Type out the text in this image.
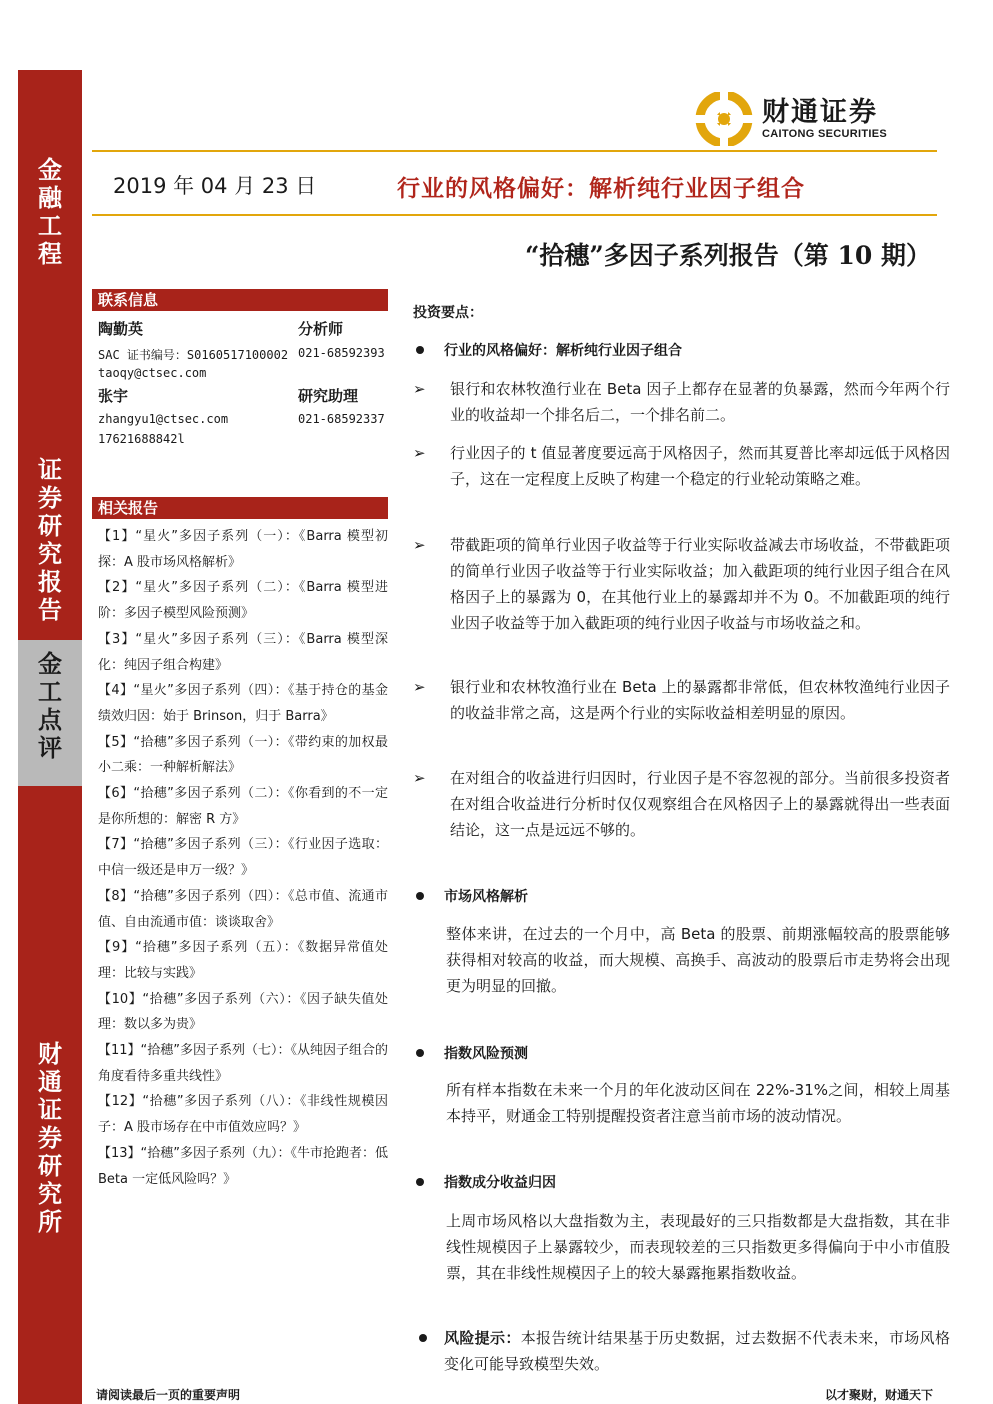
金
融
工
程
证
券
研
究
报
告
金
工
点
评
财
通
证
券
研
究
所
财通证券
CAITONG SECURITIES
2019 年 04 月 23 日	行业的风格偏好：解析纯行业因子组合
“拾穗”多因子系列报告（第 10 期）
联系信息
陶勤英	分析师
SAC 证书编号：S0160517100002 021-68592393
taoqy@ctsec.com
张宇	研究助理
zhangyu1@ctsec.com	021-68592337
17621688842l
相关报告
【1】“星火”多因子系列（一）：《Barra 模型初探：A 股市场风格解析》
【2】“星火”多因子系列（二）：《Barra 模型进阶：多因子模型风险预测》
【3】“星火”多因子系列（三）：《Barra 模型深化：纯因子组合构建》
【4】“星火”多因子系列（四）：《基于持仓的基金绩效归因：始于 Brinson，归于 Barra》
【5】“拾穗”多因子系列（一）：《带约束的加权最小二乘：一种解析解法》
【6】“拾穗”多因子系列（二）：《你看到的不一定是你所想的：解密 R 方》
【7】“拾穗”多因子系列（三）：《行业因子选取：中信一级还是申万一级？》
【8】“拾穗”多因子系列（四）：《总市值、流通市值、自由流通市值：谈谈取舍》
【9】“拾穗”多因子系列（五）：《数据异常值处理：比较与实践》
【10】“拾穗”多因子系列（六）：《因子缺失值处理：数以多为贵》
【11】“拾穗”多因子系列（七）：《从纯因子组合的角度看待多重共线性》
【12】“拾穗”多因子系列（八）：《非线性规模因子：A 股市场存在中市值效应吗？》
【13】“拾穗”多因子系列（九）：《牛市抢跑者：低 Beta 一定低风险吗？》
投资要点：
行业的风格偏好：解析纯行业因子组合
➢ 银行和农林牧渔行业在 Beta 因子上都存在显著的负暴露，然而今年两个行业的收益却一个排名后二，一个排名前二。
➢ 行业因子的 t 值显著度要远高于风格因子，然而其夏普比率却远低于风格因子，这在一定程度上反映了构建一个稳定的行业轮动策略之难。
➢ 带截距项的简单行业因子收益等于行业实际收益减去市场收益，不带截距项的简单行业因子收益等于行业实际收益；加入截距项的纯行业因子组合在风格因子上的暴露为 0，在其他行业上的暴露却并不为 0。不加截距项的纯行业因子收益等于加入截距项的纯行业因子收益与市场收益之和。
➢ 银行业和农林牧渔行业在 Beta 上的暴露都非常低，但农林牧渔纯行业因子的收益非常之高，这是两个行业的实际收益相差明显的原因。
➢ 在对组合的收益进行归因时，行业因子是不容忽视的部分。当前很多投资者在对组合收益进行分析时仅仅观察组合在风格因子上的暴露就得出一些表面结论，这一点是远远不够的。
市场风格解析
整体来讲，在过去的一个月中，高 Beta 的股票、前期涨幅较高的股票能够获得相对较高的收益，而大规模、高换手、高波动的股票后市走势将会出现更为明显的回撤。
指数风险预测
所有样本指数在未来一个月的年化波动区间在 22%-31%之间，相较上周基本持平，财通金工特别提醒投资者注意当前市场的波动情况。
指数成分收益归因
上周市场风格以大盘指数为主，表现最好的三只指数都是大盘指数，其在非线性规模因子上暴露较少，而表现较差的三只指数更多得偏向于中小市值股票，其在非线性规模因子上的较大暴露拖累指数收益。
风险提示：本报告统计结果基于历史数据，过去数据不代表未来，市场风格变化可能导致模型失效。
请阅读最后一页的重要声明	以才聚财，财通天下
